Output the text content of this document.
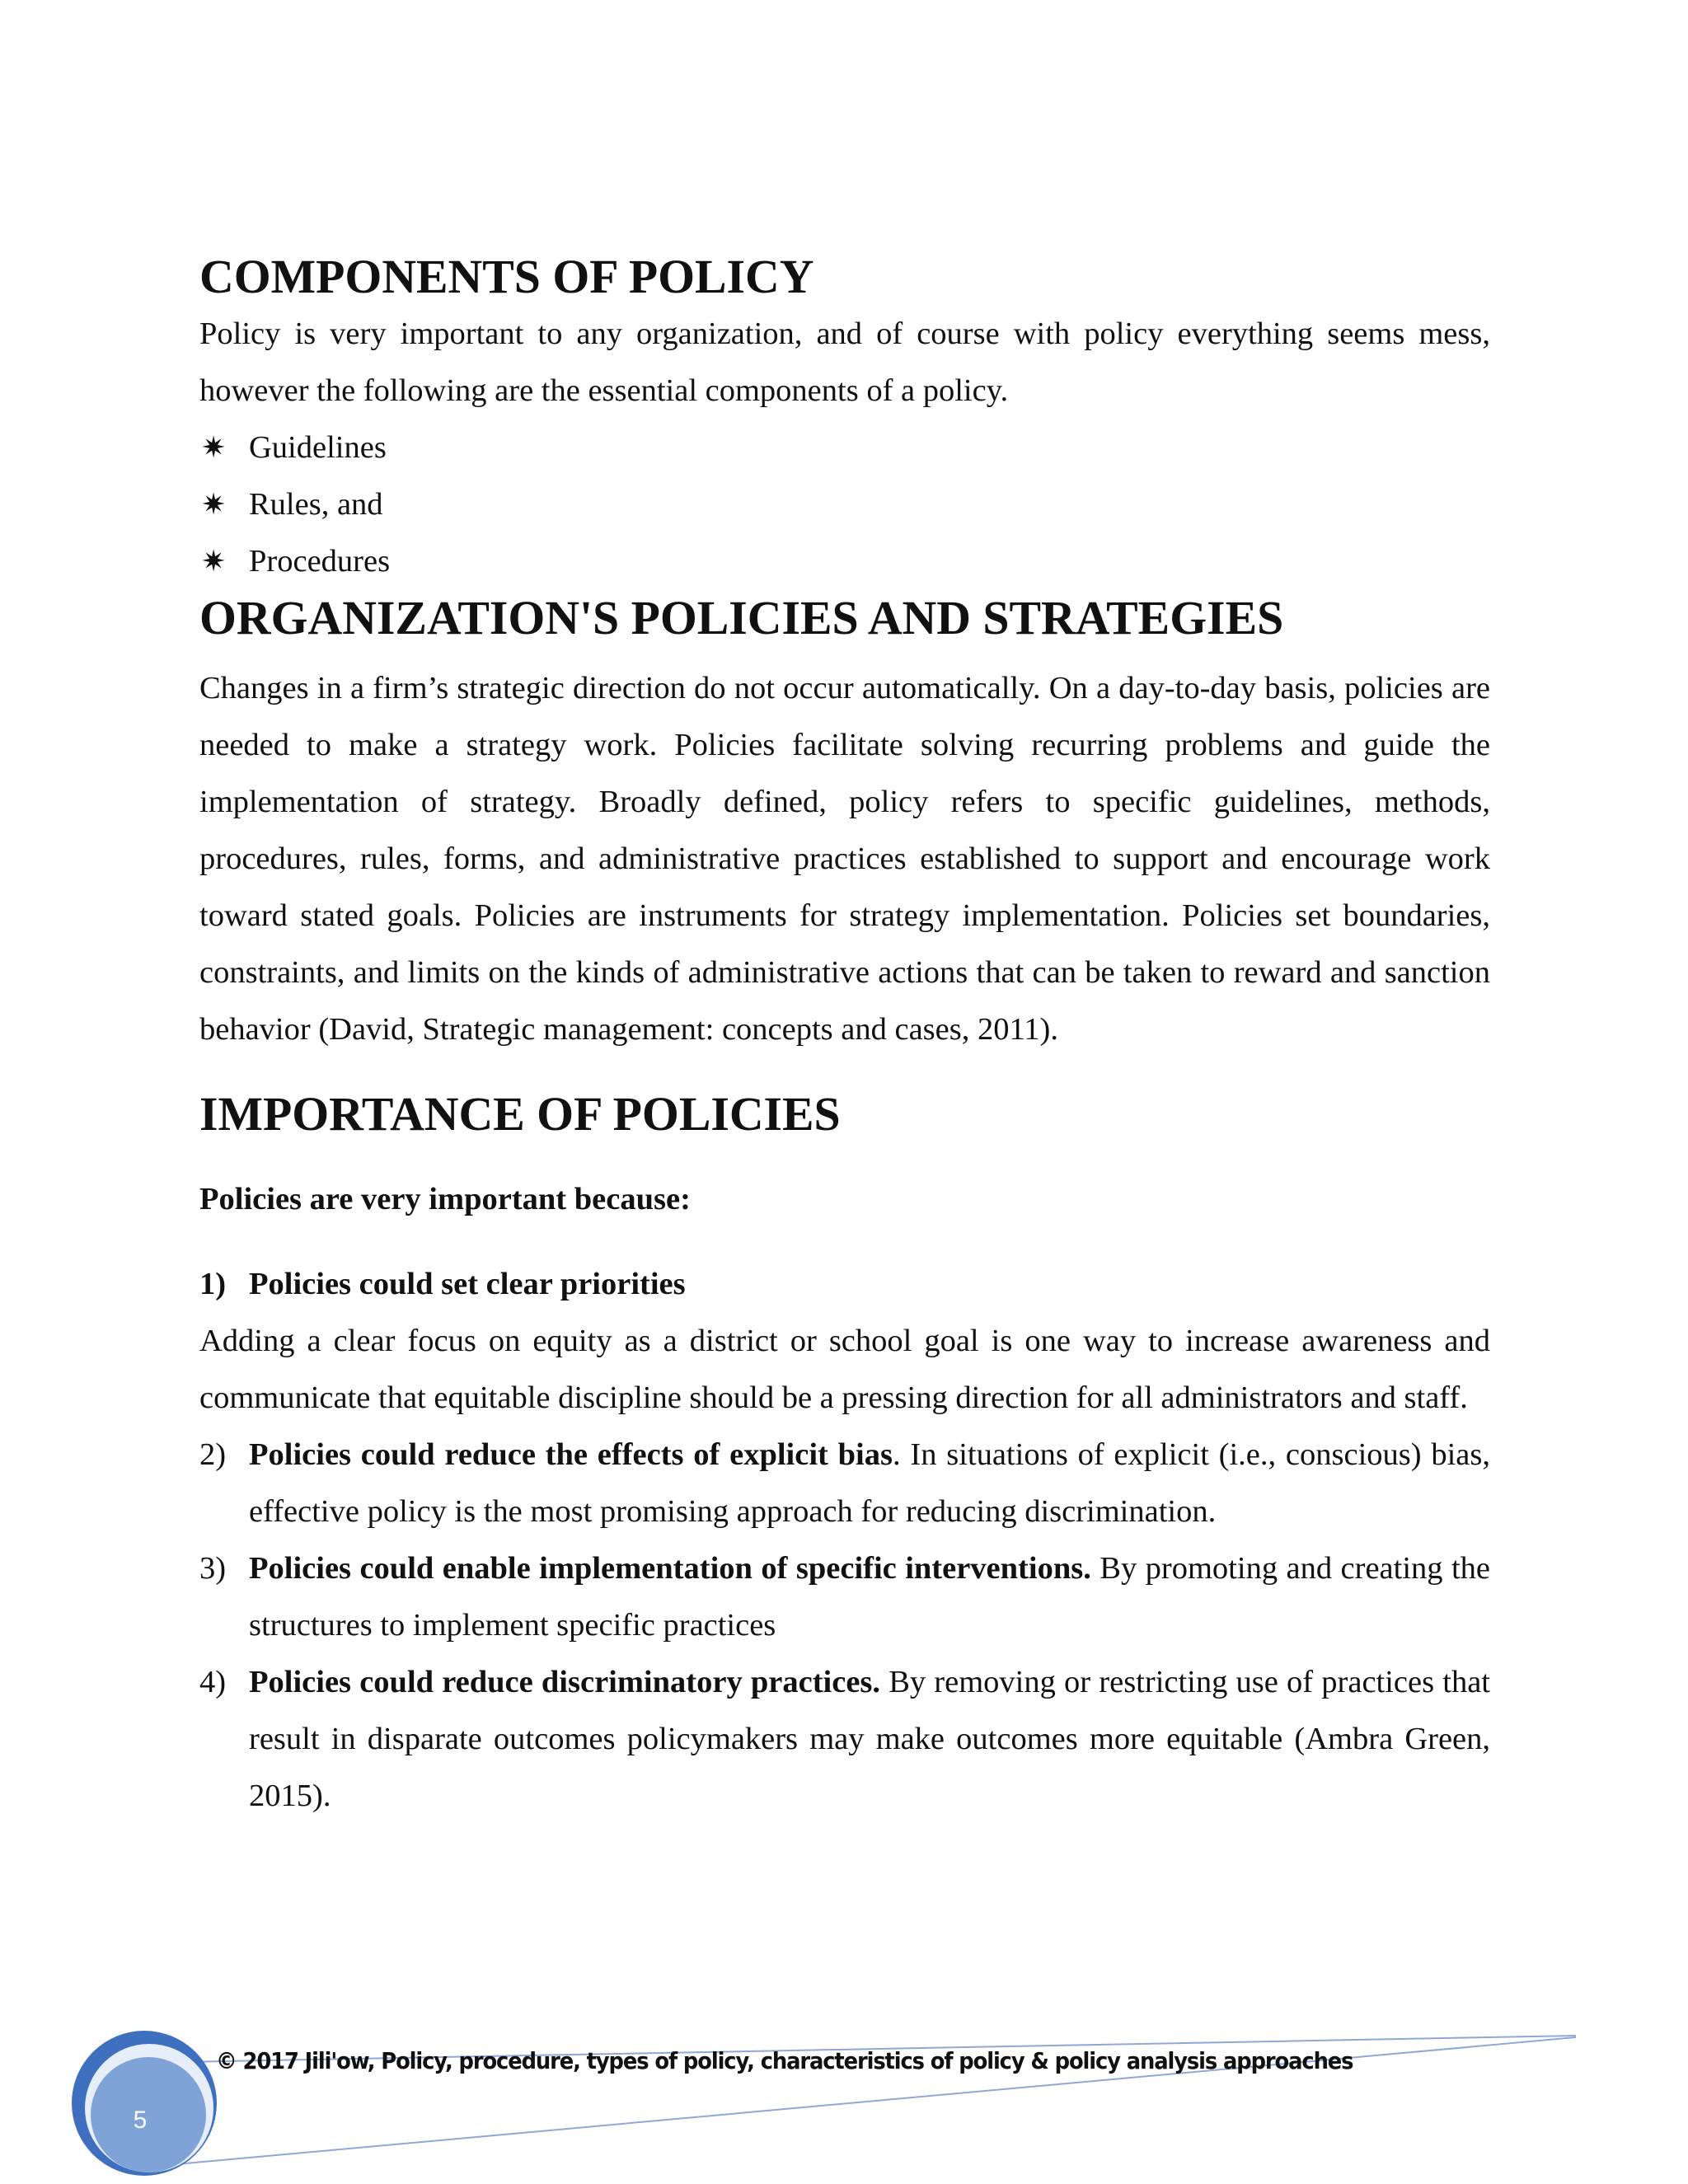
COMPONENTS OF POLICY

Policy is very important to any organization, and of course with policy everything seems mess, however the following are the essential components of a policy.

✷ Guidelines
✷ Rules, and
✷ Procedures
ORGANIZATION'S POLICIES AND STRATEGIES

Changes in a firm’s strategic direction do not occur automatically. On a day-to-day basis, policies are needed to make a strategy work. Policies facilitate solving recurring problems and guide the implementation of strategy. Broadly defined, policy refers to specific guidelines, methods, procedures, rules, forms, and administrative practices established to support and encourage work toward stated goals. Policies are instruments for strategy implementation. Policies set boundaries, constraints, and limits on the kinds of administrative actions that can be taken to reward and sanction behavior (David, Strategic management: concepts and cases, 2011).

IMPORTANCE OF POLICIES

Policies are very important because:

1) Policies could set clear priorities

Adding a clear focus on equity as a district or school goal is one way to increase awareness and communicate that equitable discipline should be a pressing direction for all administrators and staff.

2) Policies could reduce the effects of explicit bias. In situations of explicit (i.e., conscious) bias, effective policy is the most promising approach for reducing discrimination.
3) Policies could enable implementation of specific interventions. By promoting and creating the structures to implement specific practices
4) Policies could reduce discriminatory practices. By removing or restricting use of practices that result in disparate outcomes policymakers may make outcomes more equitable (Ambra Green, 2015).
5
© 2017 Jili'ow, Policy, procedure, types of policy, characteristics of policy & policy analysis approaches
